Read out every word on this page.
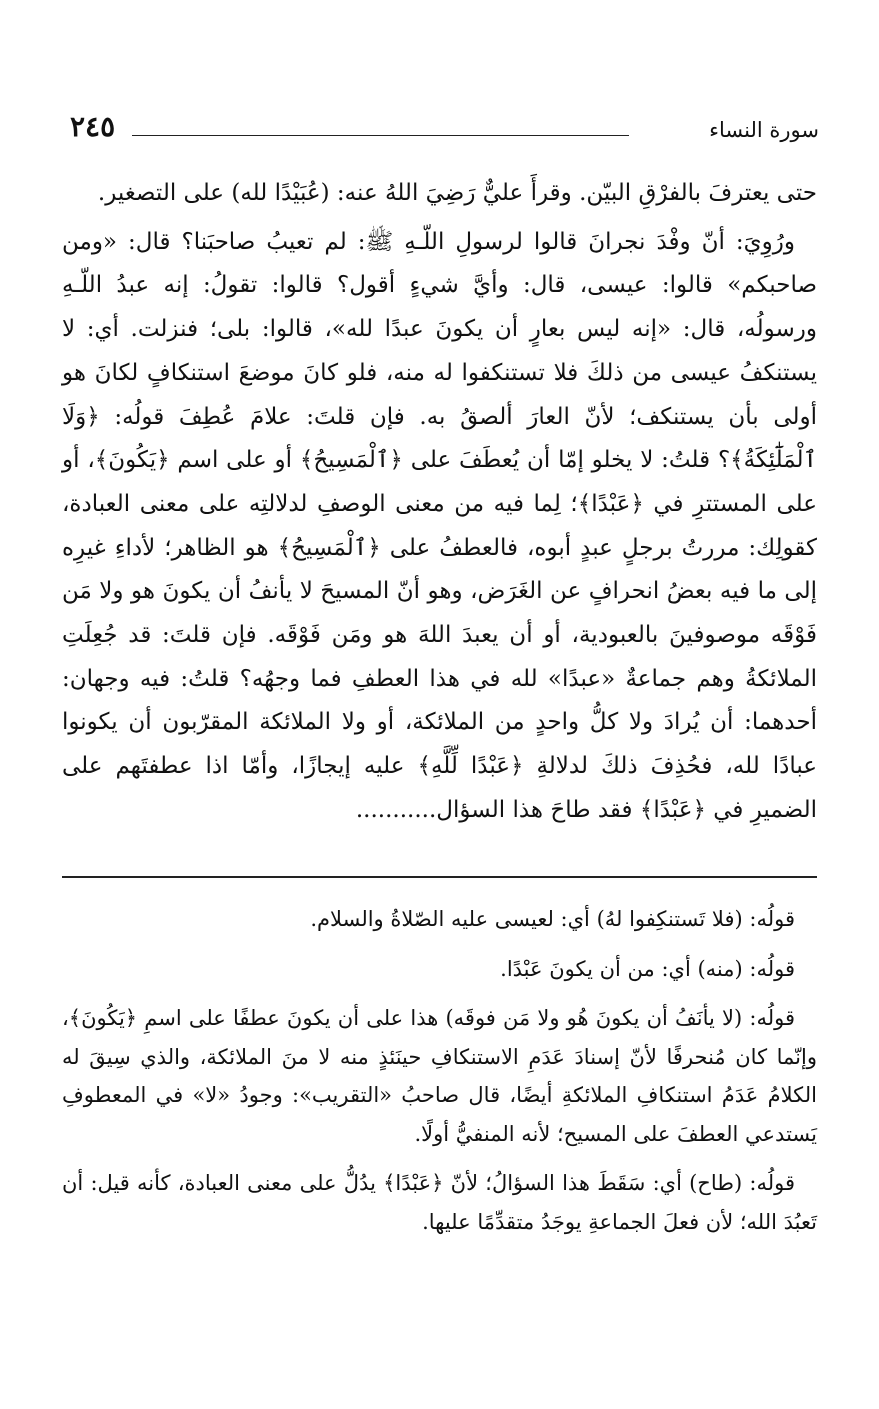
سورة النساء
٢٤٥

حتى يعترفَ بالفرْقِ البيّن. وقرأَ عليٌّ رَضِيَ اللهُ عنه: (عُبَيْدًا لله) على التصغير.

ورُوِيَ: أنّ وفْدَ نجرانَ قالوا لرسولِ اللّـهِ ﷺ: لم تعيبُ صاحبَنا؟ قال: «ومن صاحبكم» قالوا: عيسى، قال: وأيَّ شيءٍ أقول؟ قالوا: تقولُ: إنه عبدُ اللّـهِ ورسولُه، قال: «إنه ليس بعارٍ أن يكونَ عبدًا لله»، قالوا: بلى؛ فنزلت. أي: لا يستنكفُ عيسى من ذلكَ فلا تستنكفوا له منه، فلو كانَ موضعَ استنكافٍ لكانَ هو أولى بأن يستنكف؛ لأنّ العارَ ألصقُ به. فإن قلتَ: علامَ عُطِفَ قولُه: ﴿وَلَا ٱلْمَلَٰٓئِكَةُ﴾؟ قلتُ: لا يخلو إمّا أن يُعطَفَ على ﴿ٱلْمَسِيحُ﴾ أو على اسم ﴿يَكُونَ﴾، أو على المستترِ في ﴿عَبْدًا﴾؛ لِما فيه من معنى الوصفِ لدلالتِه على معنى العبادة، كقولِك: مررتُ برجلٍ عبدٍ أبوه، فالعطفُ على ﴿ٱلْمَسِيحُ﴾ هو الظاهر؛ لأداءِ غيرِه إلى ما فيه بعضُ انحرافٍ عن الغَرَض، وهو أنّ المسيحَ لا يأنفُ أن يكونَ هو ولا مَن فَوْقَه موصوفينَ بالعبودية، أو أن يعبدَ اللهَ هو ومَن فَوْقَه. فإن قلتَ: قد جُعِلَتِ الملائكةُ وهم جماعةٌ «عبدًا» لله في هذا العطفِ فما وجهُه؟ قلتُ: فيه وجهان: أحدهما: أن يُرادَ ولا كلُّ واحدٍ من الملائكة، أو ولا الملائكة المقرّبون أن يكونوا عبادًا لله، فحُذِفَ ذلكَ لدلالةِ ﴿عَبْدًا لِّلَّهِ﴾ عليه إيجازًا، وأمّا اذا عطفتَهم على الضميرِ في ﴿عَبْدًا﴾ فقد طاحَ هذا السؤال...........

قولُه: (فلا تَستنكِفوا لهُ) أي: لعيسى عليه الصّلاةُ والسلام.

قولُه: (منه) أي: من أن يكونَ عَبْدًا.

قولُه: (لا يأنَفُ أن يكونَ هُو ولا مَن فوقَه) هذا على أن يكونَ عطفًا على اسمِ ﴿يَكُونَ﴾، وإنّما كان مُنحرفًا لأنّ إسنادَ عَدَمِ الاستنكافِ حينَئذٍ منه لا منَ الملائكة، والذي سِيقَ له الكلامُ عَدَمُ استنكافِ الملائكةِ أيضًا، قال صاحبُ «التقريب»: وجودُ «لا» في المعطوفِ يَستدعي العطفَ على المسيح؛ لأنه المنفيُّ أولًا.

قولُه: (طاح) أي: سَقَطَ هذا السؤالُ؛ لأنّ ﴿عَبْدًا﴾ يدُلُّ على معنى العبادة، كأنه قيل: أن تَعبُدَ الله؛ لأن فعلَ الجماعةِ يوجَدُ متقدِّمًا عليها.
